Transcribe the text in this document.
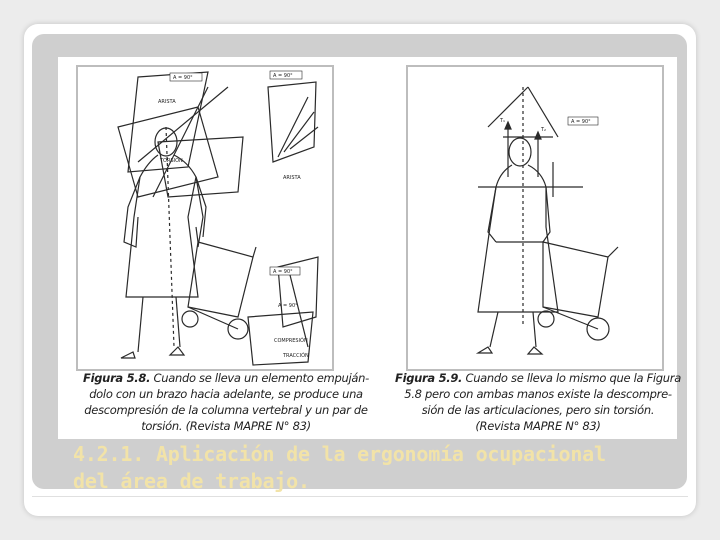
A = 90°	A = 90°
ARISTA
TORSIÓN
ARISTA
A = 90°
A = 90°
COMPRESIÓN
TRACCIÓN
A = 90°
T₁
T₂
Figura 5.8. Cuando se lleva un elemento empuján-
dolo con un brazo hacia adelante, se produce una
descompresión de la columna vertebral y un par de
torsión. (Revista MAPRE N° 83)
Figura 5.9. Cuando se lleva lo mismo que la Figura
5.8 pero con ambas manos existe la descompre-
sión de las articulaciones, pero sin torsión.
(Revista MAPRE N° 83)
4.2.1. Aplicación de la ergonomía ocupacional
del área de trabajo.
